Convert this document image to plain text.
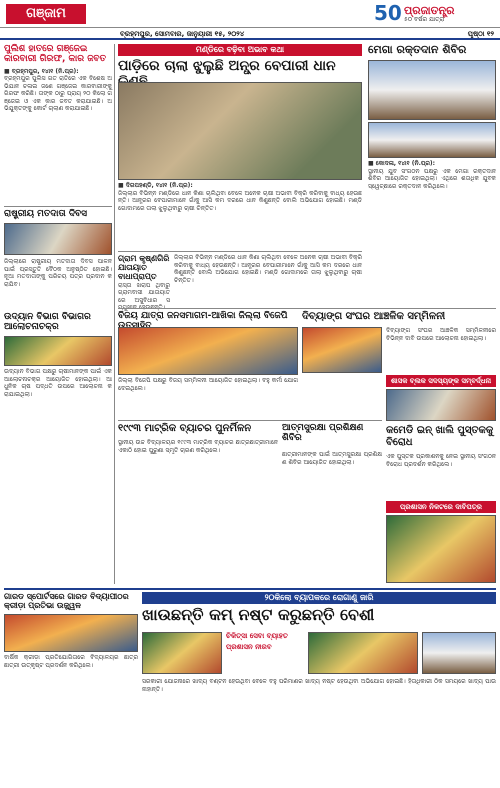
ଗଞ୍ଜାମ	50 ପ୍ରଜାତନ୍ତ୍ର
୫୦ ବର୍ଷର ଯାତ୍ରା
ବ୍ରହ୍ମପୁର, ସୋମବାର, ଜାନୁୟାରୀ ୧୫, ୨୦୨୪	ପୃଷ୍ଠା ୧୨
ପୁଲିଶ ହାତରେ ଗଞ୍ଜେଇ କାରବାରୀ ଗିରଫ, କାର ଜବତ
■ ବ୍ରହ୍ମପୁର, ୧୪ା୧ (ନି.ପ୍ର):
ବ୍ରହ୍ମପୁର ପୁଲିସ ଗତ ରାତିରେ ଏକ ବିଶେଷ ଅଭିଯାନ ଚଳାଇ ଜଣେ ଗଞ୍ଜେଇ କାରବାରୀଙ୍କୁ ଗିରଫ କରିଛି। ତାଙ୍କ ଠାରୁ ପ୍ରାୟ ୨୦ କିଲୋ ଗଞ୍ଜେଇ ଓ ଏକ କାର ଜବତ କରାଯାଇଛି। ଅଭିଯୁକ୍ତଙ୍କୁ କୋର୍ଟ ଚାଲାଣ କରାଯାଇଛି।
ରାଷ୍ଟ୍ରୀୟ ମତଦାତା ଦିବସ
ଜିଲ୍ଲାରେ ରାଷ୍ଟ୍ରୀୟ ମତଦାତା ଦିବସ ପାଳନ ପାଇଁ ପ୍ରସ୍ତୁତି ବୈଠକ ଅନୁଷ୍ଠିତ ହୋଇଛି। ନୂଆ ମତଦାତାଙ୍କୁ ପରିଚୟ ପତ୍ର ପ୍ରଦାନ କରାଯିବ।
ଉଦ୍ୟାନ ବିଭାଗ ବିଭାଗର ଆଲୋଚନାଚକ୍ର
ଉଦ୍ୟାନ ବିଭାଗ ପକ୍ଷରୁ ଚାଷୀମାନଙ୍କ ପାଇଁ ଏକ ଆଲୋଚନାଚକ୍ର ଆୟୋଜିତ ହୋଇଥିଲା। ଆଧୁନିକ ଚାଷ ପଦ୍ଧତି ଉପରେ ଆଲୋଚନା କରାଯାଇଥିଲା।
ମଣ୍ଡିରେ ବଢ଼ିବା ଅଭାବ କଥା
ପାଡ଼ିରେ ଚାଲା ଝୁଲୁଛି ଅନ୍ଧ୍ର ବେପାରୀ ଧାନ
■ ଦିଗପହଣ୍ଡି, ୧୪ା୧ (ନି.ପ୍ର):
ଜିଲ୍ଲାର ବିଭିନ୍ନ ମଣ୍ଡିରେ ଧାନ କିଣା ଚାଲିଥିବା ବେଳେ ଅନେକ ଚାଷୀ ଅଭାବୀ ବିକ୍ରି କରିବାକୁ ବାଧ୍ୟ ହେଉଛନ୍ତି। ଆନ୍ଧ୍ରର ବେପାରୀମାନେ ଗାଁକୁ ଆସି କମ ଦରରେ ଧାନ କିଣୁଛନ୍ତି ବୋଲି ଅଭିଯୋଗ ହୋଇଛି। ମଣ୍ଡି ଗୋଦାମରେ ତାଲା ଝୁଲୁଥିବାରୁ ଚାଷୀ ଚିନ୍ତିତ।
ମେଗା ରକ୍ତଦାନ ଶିବିର
■ କୋଦଳା, ୧୪ା୧ (ନି.ପ୍ର):
ସ୍ଥାନୀୟ ଯୁବ ସଂଗଠନ ପକ୍ଷରୁ ଏକ ମେଗା ରକ୍ତଦାନ ଶିବିର ଆୟୋଜିତ ହୋଇଥିଲା। ଏଥିରେ ଶତାଧିକ ଯୁବକ ସ୍ୱେଚ୍ଛାରେ ରକ୍ତଦାନ କରିଥିଲେ।
ଗ୍ରାମ କୃଷ୍ଣଗିରି ଯାତାୟାତ ବାଧାପ୍ରାପ୍ତ
ରାସ୍ତା ଖରାପ ଥିବାରୁ ଗ୍ରାମବାସୀ ଯାତାୟାତରେ ଅସୁବିଧାର ସ
ଜିଲ୍ଲାର ବିଭିନ୍ନ ମଣ୍ଡିରେ ଧାନ କିଣା ଚାଲିଥିବା ବେଳେ ଅନେକ ଚାଷୀ ଅଭାବୀ ବିକ୍ରି କରିବାକୁ ବାଧ୍ୟ ହେଉଛନ୍ତି। ଆନ୍ଧ୍ରର ବେପାରୀମାନେ ଗାଁକୁ ଆସି କମ ଦରରେ ଧାନ କିଣୁଛନ୍ତି ବୋଲି ଅଭିଯୋଗ ହୋଇଛି। ମଣ୍ଡି ଗୋଦାମରେ ତାଲା ଝୁଲୁଥିବାରୁ ଚାଷୀ ଚିନ୍ତିତ।
ବିଜୟ ଯାତ୍ରା ଜନସମାଗମ-ଆଖିକା ଜିଲ୍ଲା ବିଜେପି
ଜିଲ୍ଲା ବିଜେପି ପକ୍ଷରୁ ବିଜୟ ସମ୍ମିଳନୀ ଆୟୋଜିତ ହୋଇଥିଲା। ବହୁ କର୍ମୀ ଯୋଗଦେଇଥିଲେ।
ଦିବ୍ୟାଙ୍ଗ ସଂଘର ଆଞ୍ଚଳିକ ସମ୍ମିଳନୀ
ଦିବ୍ୟାଙ୍ଗ ସଂଘର ଆଞ୍ଚଳିକ ସମ୍ମିଳନୀରେ ବିଭିନ୍ନ ଦାବି ଉପରେ ଆଲୋଚନା ହୋଇଥିଲା।
ଶାସକ ବ୍ଲକ ସଦସ୍ୟଙ୍କ ସମ୍ବର୍ଦ୍ଧନା
୧୯୯୩ ମାଟ୍ରିକ ବ୍ୟାଚର ପୁନର୍ମିଳନ
ସ୍ଥାନୀୟ ଉଚ୍ଚ ବିଦ୍ୟାଳୟର ୧୯୯୩ ମାଟ୍ରିକ ବ୍ୟାଚର ଛାତ୍ରଛାତ୍ରୀମାନେ ଏକାଠି ହୋଇ ପୁରୁଣା ସ୍ମୃତି ଚାରଣ କରିଥିଲେ।
ଆତ୍ମସୁରକ୍ଷା ପ୍ରଶିକ୍ଷଣ ଶିବିର
ଛାତ୍ରୀମାନଙ୍କ ପାଇଁ ଆତ୍ମସୁରକ୍ଷା ପ୍ରଶିକ୍ଷଣ ଶିବିର ଆୟୋଜିତ ହୋଇଥିଲା।
କମେଡି ଇନ୍ ଖାଲି ପୁସ୍ତକକୁ ବିରୋଧ
ଏକ ପୁସ୍ତକ ପ୍ରକାଶନକୁ ନେଇ ସ୍ଥାନୀୟ ସଂଗଠନ ବିରୋଧ ପ୍ରଦର୍ଶନ କରିଥିଲେ।
ପ୍ରଶାସନ ନିକଟରେ ଦାବିପତ୍ର
ଗାରଡ ସ୍ପୋର୍ଟସରେ ଗାରଡ ବିଦ୍ୟାପୀଠର କ୍ରୀଡ଼ା ପ୍ରତିଭା ଉଜ୍ଜ୍ୱଳ
ବାର୍ଷିକ କ୍ରୀଡ଼ା ପ୍ରତିଯୋଗିତାରେ ବିଦ୍ୟାଳୟର ଛାତ୍ରଛାତ୍ରୀ ଉତ୍କୃଷ୍ଟ ପ୍ରଦର୍ଶନ କରିଥିଲେ।
୨୦କିଲୋ ବ୍ୟାପକରେ ରୋଗାଣୁ ଜାରି
ଖାଉଛନ୍ତି କମ୍ ନଷ୍ଟ କରୁଛନ୍ତି ବେଶୀ
ଚିକିତ୍ସା ସେବା ବ୍ୟାହତ
ପ୍ରଶାସନ ନୀରବ
ସରକାରୀ ଯୋଜନାରେ ଖାଦ୍ୟ ବଣ୍ଟନ ହେଉଥିବା ବେଳେ ବହୁ ପରିମାଣର ଖାଦ୍ୟ ନଷ୍ଟ ହେଉଥିବା ଅଭିଯୋଗ ହୋଇଛି। ହିତାଧିକାରୀ ଠିକ ସମୟରେ ଖାଦ୍ୟ ପାଉନାହାନ୍ତି।
